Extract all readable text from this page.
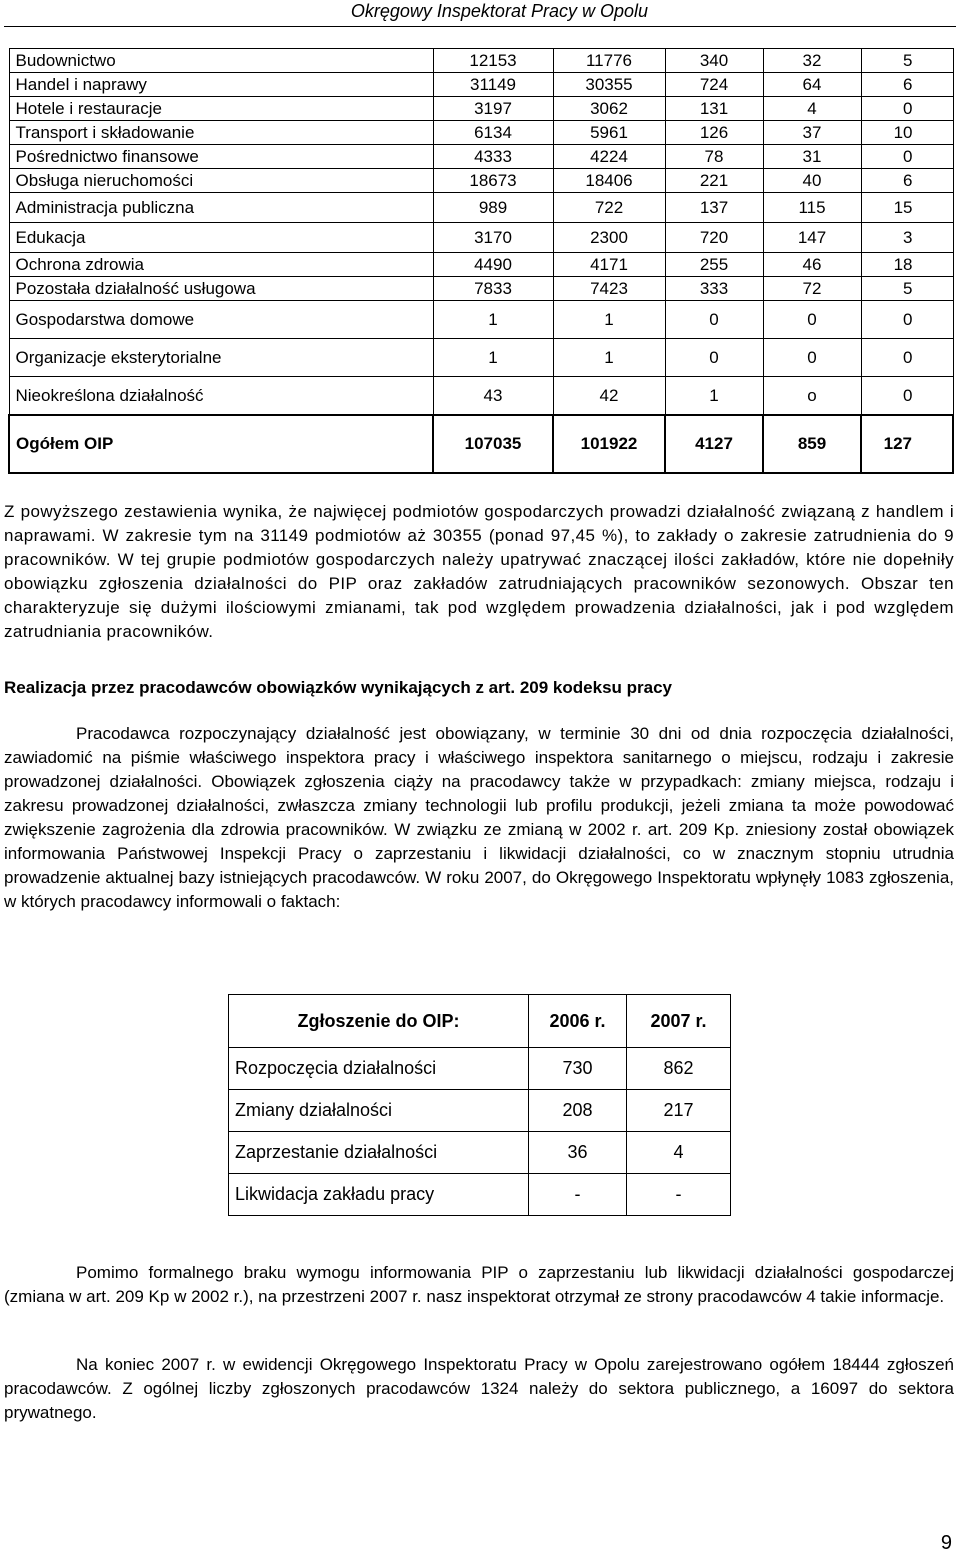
Okręgowy Inspektorat Pracy w Opolu
Budownictwo	12153	11776	340	32	5
Handel i naprawy	31149	30355	724	64	6
Hotele i restauracje	3197	3062	131	4	0
Transport i składowanie	6134	5961	126	37	10
Pośrednictwo finansowe	4333	4224	78	31	0
Obsługa nieruchomości	18673	18406	221	40	6
Administracja publiczna	989	722	137	115	15
Edukacja	3170	2300	720	147	3
Ochrona zdrowia	4490	4171	255	46	18
Pozostała działalność usługowa	7833	7423	333	72	5
Gospodarstwa domowe	1	1	0	0	0
Organizacje eksterytorialne	1	1	0	0	0
Nieokreślona działalność	43	42	1	o	0
Ogółem OIP	107035	101922	4127	859	127

Z powyższego zestawienia wynika, że najwięcej podmiotów gospodarczych prowadzi działalność związaną z handlem i naprawami. W zakresie tym na 31149 podmiotów aż 30355 (ponad 97,45 %), to zakłady o zakresie zatrudnienia do 9 pracowników. W tej grupie podmiotów gospodarczych należy upatrywać znaczącej ilości zakładów, które nie dopełniły obowiązku zgłoszenia działalności do PIP oraz zakładów zatrudniających pracowników sezonowych. Obszar ten charakteryzuje się dużymi ilościowymi zmianami, tak pod względem prowadzenia działalności, jak i pod względem zatrudniania pracowników.

Realizacja przez pracodawców obowiązków wynikających z art. 209 kodeksu pracy

Pracodawca rozpoczynający działalność jest obowiązany, w terminie 30 dni od dnia rozpoczęcia działalności, zawiadomić na piśmie właściwego inspektora pracy i właściwego inspektora sanitarnego o miejscu, rodzaju i zakresie prowadzonej działalności. Obowiązek zgłoszenia ciąży na pracodawcy także w przypadkach: zmiany miejsca, rodzaju i zakresu prowadzonej działalności, zwłaszcza zmiany technologii lub profilu produkcji, jeżeli zmiana ta może powodować zwiększenie zagrożenia dla zdrowia pracowników. W związku ze zmianą w 2002 r. art. 209 Kp. zniesiony został obowiązek informowania Państwowej Inspekcji Pracy o zaprzestaniu i likwidacji działalności, co w znacznym stopniu utrudnia prowadzenie aktualnej bazy istniejących pracodawców. W roku 2007, do Okręgowego Inspektoratu wpłynęły 1083 zgłoszenia, w których pracodawcy informowali o faktach:

Zgłoszenie do OIP:	2006 r.	2007 r.
Rozpoczęcia działalności	730	862
Zmiany działalności	208	217
Zaprzestanie działalności	36	4
Likwidacja zakładu pracy	-	-

Pomimo formalnego braku wymogu informowania PIP o zaprzestaniu lub likwidacji działalności gospodarczej (zmiana w art. 209 Kp w 2002 r.), na przestrzeni 2007 r. nasz inspektorat otrzymał ze strony pracodawców 4 takie informacje.

Na koniec 2007 r. w ewidencji Okręgowego Inspektoratu Pracy w Opolu zarejestrowano ogółem 18444 zgłoszeń pracodawców. Z ogólnej liczby zgłoszonych pracodawców 1324 należy do sektora publicznego, a 16097 do sektora prywatnego.

9
